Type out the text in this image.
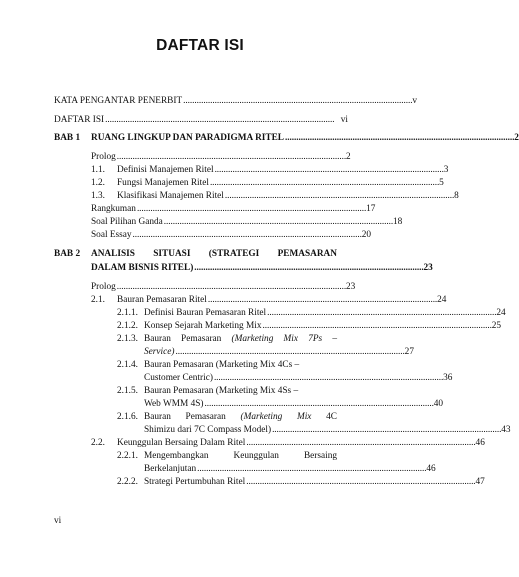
DAFTAR ISI
KATA PENGANTAR PENERBIT . . .	v
DAFTAR ISI . . .	vi
BAB 1 RUANG LINGKUP DAN PARADIGMA RITEL . . .	2
Prolog . . .	2
1.1.	Definisi Manajemen Ritel . . .	3
1.2.	Fungsi Manajemen Ritel . . .	5
1.3.	Klasifikasi Manajemen Ritel . . .	8
Rangkuman . . .	17
Soal Pilihan Ganda . . .	18
Soal Essay . . .	20
BAB 2 ANALISIS SITUASI (STRATEGI PEMASARAN
DALAM BISNIS RITEL) . . .	23
Prolog . . .	23
2.1.	Bauran Pemasaran Ritel . . .	24
2.1.1. Definisi Bauran Pemasaran Ritel . . .	24
2.1.2. Konsep Sejarah Marketing Mix . . .	25
2.1.3. Bauran Pemasaran (Marketing Mix 7Ps –
Service) . . .	27
2.1.4. Bauran Pemasaran (Marketing Mix 4Cs –
Customer Centric) . . .	36
2.1.5. Bauran Pemasaran (Marketing Mix 4Ss –
Web WMM 4S) . . .	40
2.1.6. Bauran Pemasaran (Marketing Mix 4C
Shimizu dari 7C Compass Model) . . .	43
2.2.	Keunggulan Bersaing Dalam Ritel . . .	46
2.2.1. Mengembangkan	Keunggulan	Bersaing
Berkelanjutan . . .	46
2.2.2. Strategi Pertumbuhan Ritel . . .	47
vi
